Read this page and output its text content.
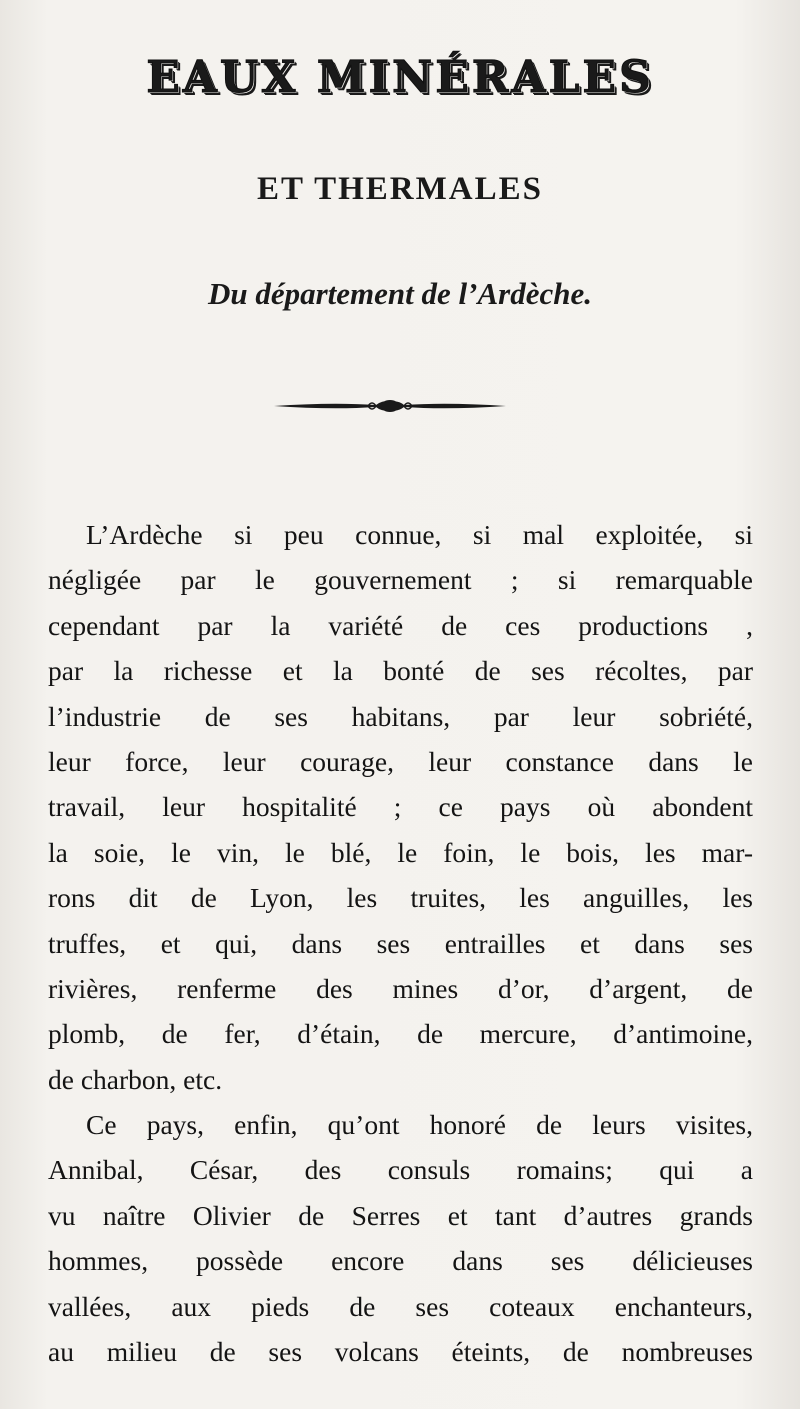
EAUX MINÉRALES
ET THERMALES
Du département de l’Ardèche.
L’Ardèche si peu connue, si mal exploitée, si
négligée par le gouvernement ; si remarquable
cependant par la variété de ces productions ,
par la richesse et la bonté de ses récoltes, par
l’industrie de ses habitans, par leur sobriété,
leur force, leur courage, leur constance dans le
travail, leur hospitalité ; ce pays où abondent
la soie, le vin, le blé, le foin, le bois, les mar-
rons dit de Lyon, les truites, les anguilles, les
truffes, et qui, dans ses entrailles et dans ses
rivières, renferme des mines d’or, d’argent, de
plomb, de fer, d’étain, de mercure, d’antimoine,
de charbon, etc.
Ce pays, enfin, qu’ont honoré de leurs visites,
Annibal, César, des consuls romains; qui a
vu naître Olivier de Serres et tant d’autres grands
hommes, possède encore dans ses délicieuses
vallées, aux pieds de ses coteaux enchanteurs,
au milieu de ses volcans éteints, de nombreuses
